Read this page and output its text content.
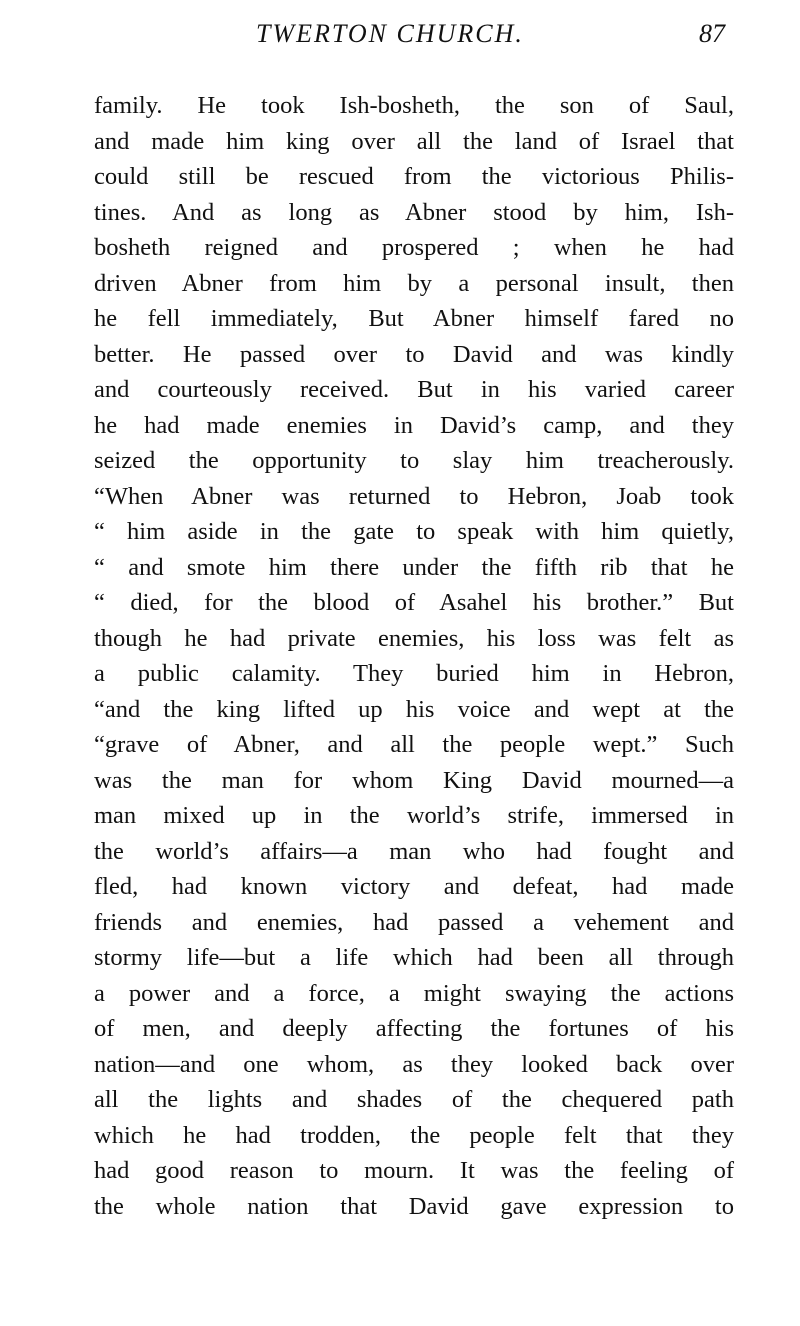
TWERTON CHURCH.	87
family. He took Ish-bosheth, the son of Saul,
and made him king over all the land of Israel that
could still be rescued from the victorious Philis-
tines. And as long as Abner stood by him, Ish-
bosheth reigned and prospered ; when he had
driven Abner from him by a personal insult, then
he fell immediately, But Abner himself fared no
better. He passed over to David and was kindly
and courteously received. But in his varied career
he had made enemies in David’s camp, and they
seized the opportunity to slay him treacherously.
“When Abner was returned to Hebron, Joab took
“ him aside in the gate to speak with him quietly,
“ and smote him there under the fifth rib that he
“ died, for the blood of Asahel his brother.” But
though he had private enemies, his loss was felt as
a public calamity. They buried him in Hebron,
“and the king lifted up his voice and wept at the
“grave of Abner, and all the people wept.” Such
was the man for whom King David mourned—a
man mixed up in the world’s strife, immersed in
the world’s affairs—a man who had fought and
fled, had known victory and defeat, had made
friends and enemies, had passed a vehement and
stormy life—but a life which had been all through
a power and a force, a might swaying the actions
of men, and deeply affecting the fortunes of his
nation—and one whom, as they looked back over
all the lights and shades of the chequered path
which he had trodden, the people felt that they
had good reason to mourn. It was the feeling of
the whole nation that David gave expression to
